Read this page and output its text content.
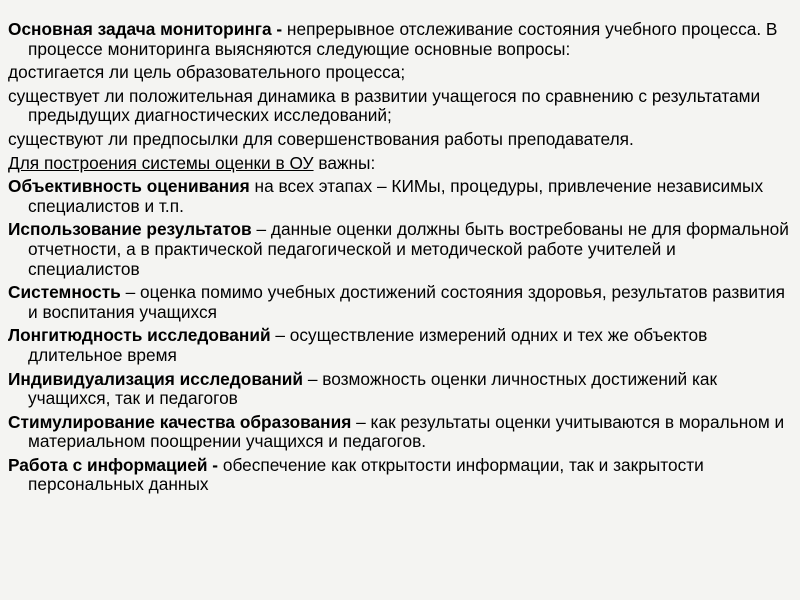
Основная задача мониторинга - непрерывное отслеживание состояния учебного процесса. В процессе мониторинга выясняются следующие основные вопросы:

достигается ли цель образовательного процесса;

существует ли положительная динамика в развитии учащегося по сравнению с результатами предыдущих диагностических исследований;

существуют ли предпосылки для совершенствования работы преподавателя.

Для построения системы оценки в ОУ важны:

Объективность оценивания на всех этапах – КИМы, процедуры, привлечение независимых специалистов и т.п.

Использование результатов – данные оценки должны быть востребованы не для формальной отчетности, а в практической педагогической и методической работе учителей и специалистов

Системность – оценка помимо учебных достижений состояния здоровья, результатов развития и воспитания учащихся

Лонгитюдность исследований – осуществление измерений одних и тех же объектов длительное время

Индивидуализация исследований – возможность оценки личностных достижений как учащихся, так и педагогов

Стимулирование качества образования – как результаты оценки учитываются в моральном и материальном поощрении учащихся и педагогов.

Работа с информацией - обеспечение как открытости информации, так и закрытости персональных данных
